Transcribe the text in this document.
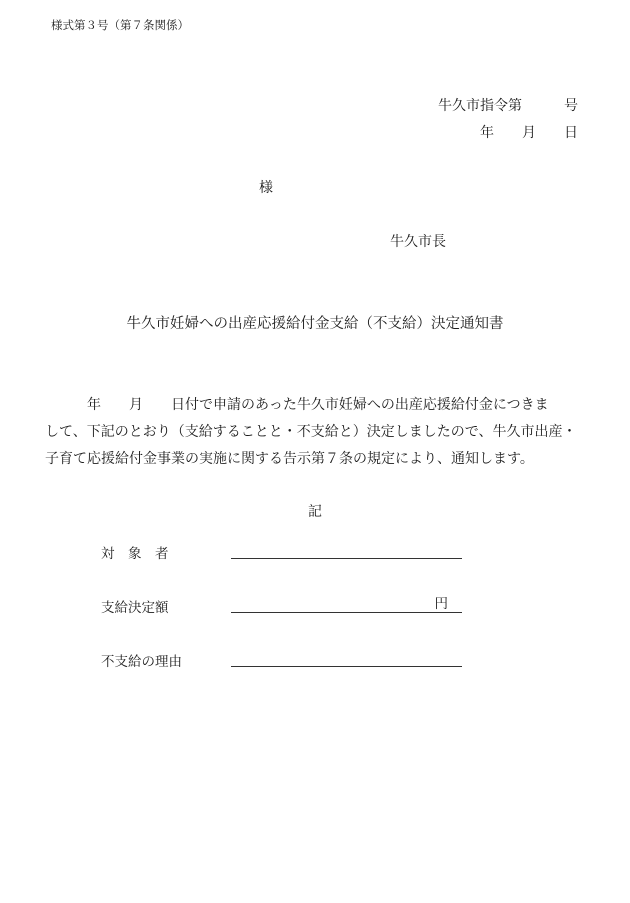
様式第３号（第７条関係）
牛久市指令第　　　号
年　　月　　日
様
牛久市長
牛久市妊婦への出産応援給付金支給（不支給）決定通知書
　　　年　　月　　日付で申請のあった牛久市妊婦への出産応援給付金につきま
して、下記のとおり（支給することと・不支給と）決定しましたので、牛久市出産・
子育て応援給付金事業の実施に関する告示第７条の規定により、通知します。
記
対　象　者
支給決定額	円
不支給の理由
